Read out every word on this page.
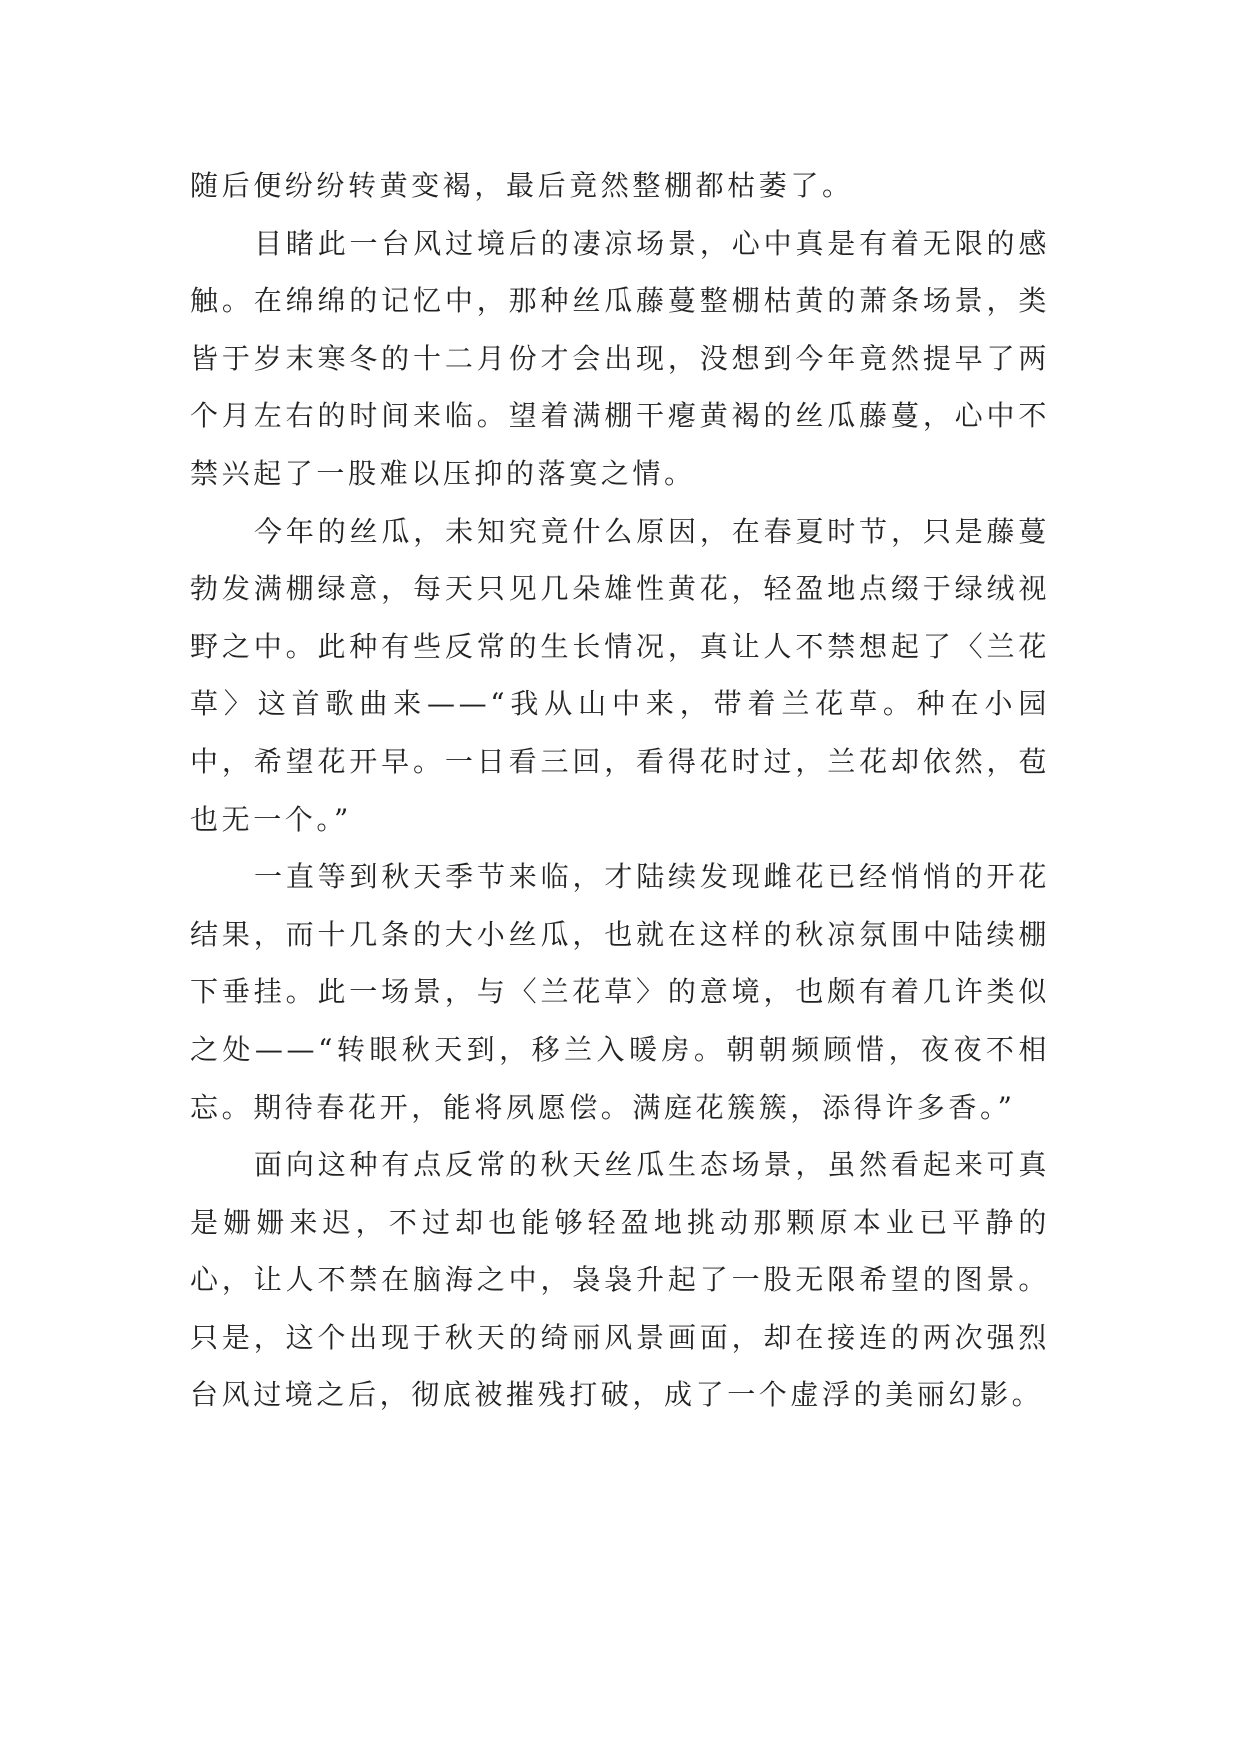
随后便纷纷转黄变褐，最后竟然整棚都枯萎了。

目睹此一台风过境后的凄凉场景，心中真是有着无限的感触。在绵绵的记忆中，那种丝瓜藤蔓整棚枯黄的萧条场景，类皆于岁末寒冬的十二月份才会出现，没想到今年竟然提早了两个月左右的时间来临。望着满棚干瘪黄褐的丝瓜藤蔓，心中不禁兴起了一股难以压抑的落寞之情。

今年的丝瓜，未知究竟什么原因，在春夏时节，只是藤蔓勃发满棚绿意，每天只见几朵雄性黄花，轻盈地点缀于绿绒视野之中。此种有些反常的生长情况，真让人不禁想起了〈兰花草〉这首歌曲来——“我从山中来，带着兰花草。种在小园中，希望花开早。一日看三回，看得花时过，兰花却依然，苞也无一个。”

一直等到秋天季节来临，才陆续发现雌花已经悄悄的开花结果，而十几条的大小丝瓜，也就在这样的秋凉氛围中陆续棚下垂挂。此一场景，与〈兰花草〉的意境，也颇有着几许类似之处——“转眼秋天到，移兰入暖房。朝朝频顾惜，夜夜不相忘。期待春花开，能将夙愿偿。满庭花簇簇，添得许多香。”

面向这种有点反常的秋天丝瓜生态场景，虽然看起来可真是姗姗来迟，不过却也能够轻盈地挑动那颗原本业已平静的心，让人不禁在脑海之中，袅袅升起了一股无限希望的图景。只是，这个出现于秋天的绮丽风景画面，却在接连的两次强烈台风过境之后，彻底被摧残打破，成了一个虚浮的美丽幻影。
